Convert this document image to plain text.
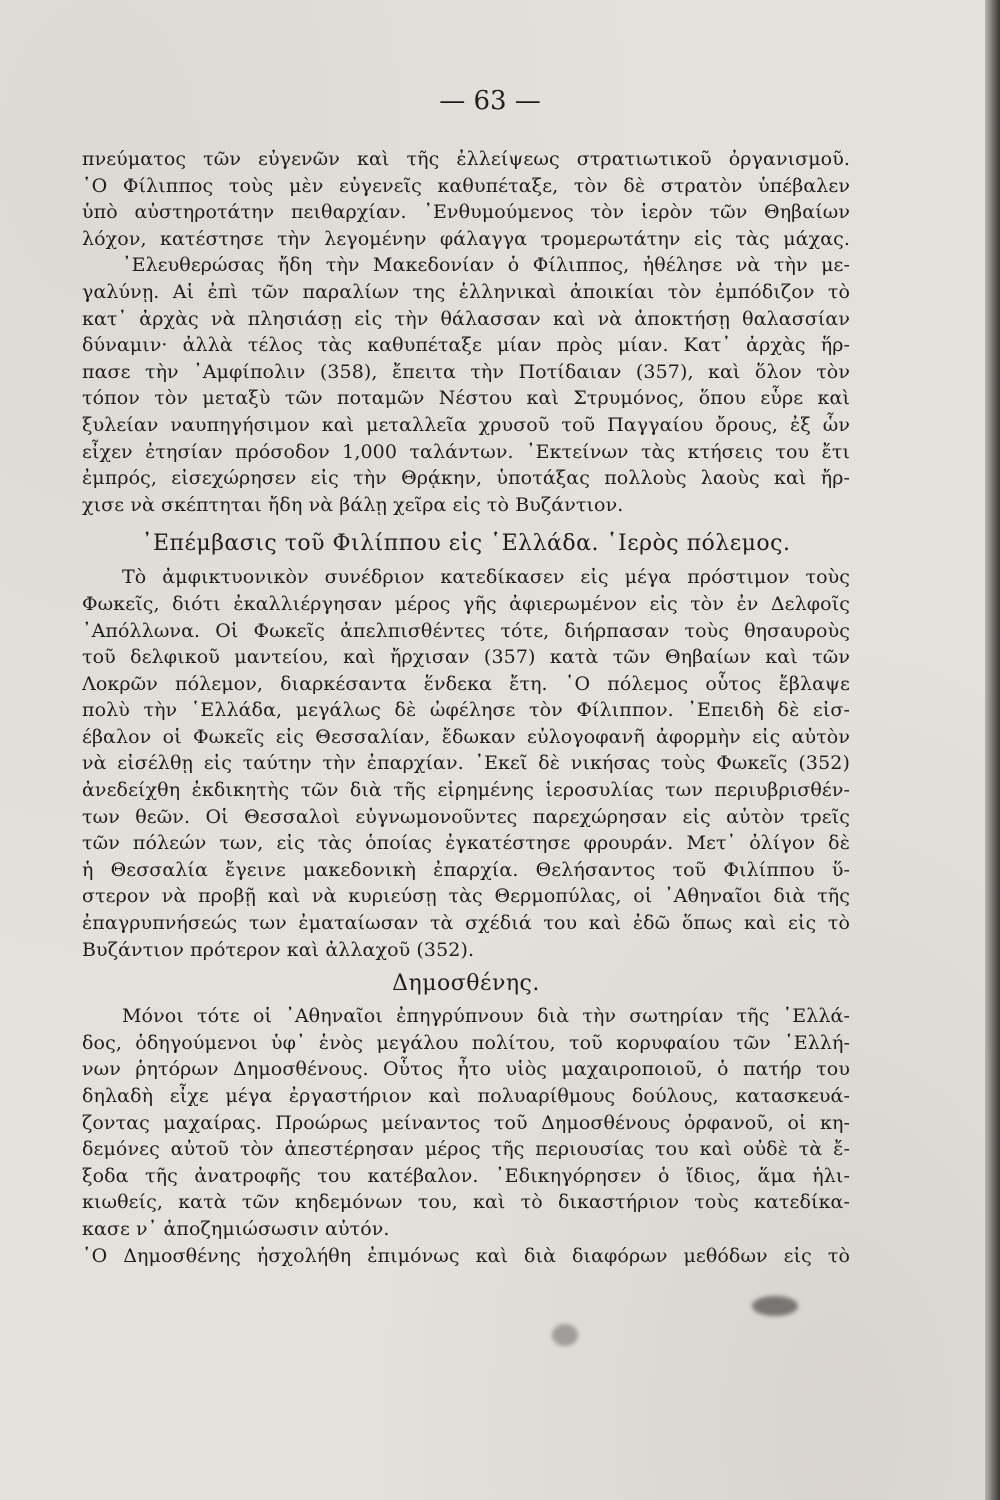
— 63 —
πνεύματος τῶν εὐγενῶν καὶ τῆς ἐλλείψεως στρατιωτικοῦ ὀργανισμοῦ.
῾Ο Φίλιππος τοὺς μὲν εὐγενεῖς καθυπέταξε, τὸν δὲ στρατὸν ὑπέβαλεν
ὑπὸ αὐστηροτάτην πειθαρχίαν. ᾿Ενθυμούμενος τὸν ἱερὸν τῶν Θηβαίων
λόχον, κατέστησε τὴν λεγομένην φάλαγγα τρομερωτάτην εἰς τὰς μάχας.
᾿Ελευθερώσας ἤδη τὴν Μακεδονίαν ὁ Φίλιππος, ἠθέλησε νὰ τὴν με-
γαλύνῃ. Αἱ ἐπὶ τῶν παραλίων της ἑλληνικαὶ ἀποικίαι τὸν ἐμπόδιζον τὸ
κατ᾿ ἀρχὰς νὰ πλησιάσῃ εἰς τὴν θάλασσαν καὶ νὰ ἀποκτήσῃ θαλασσίαν
δύναμιν· ἀλλὰ τέλος τὰς καθυπέταξε μίαν πρὸς μίαν. Κατ᾿ ἀρχὰς ἥρ-
πασε τὴν ᾿Αμφίπολιν (358), ἔπειτα τὴν Ποτίδαιαν (357), καὶ ὅλον τὸν
τόπον τὸν μεταξὺ τῶν ποταμῶν Νέστου καὶ Στρυμόνος, ὅπου εὗρε καὶ
ξυλείαν ναυπηγήσιμον καὶ μεταλλεῖα χρυσοῦ τοῦ Παγγαίου ὄρους, ἐξ ὧν
εἶχεν ἐτησίαν πρόσοδον 1,000 ταλάντων. ᾿Εκτείνων τὰς κτήσεις του ἔτι
ἐμπρός, εἰσεχώρησεν εἰς τὴν Θρᾴκην, ὑποτάξας πολλοὺς λαοὺς καὶ ἤρ-
χισε νὰ σκέπτηται ἤδη νὰ βάλῃ χεῖρα εἰς τὸ Βυζάντιον.
᾿Επέμβασις τοῦ Φιλίππου εἰς ῾Ελλάδα. ῾Ιερὸς πόλεμος.
Τὸ ἀμφικτυονικὸν συνέδριον κατεδίκασεν εἰς μέγα πρόστιμον τοὺς
Φωκεῖς, διότι ἐκαλλιέργησαν μέρος γῆς ἀφιερωμένον εἰς τὸν ἐν Δελφοῖς
᾿Απόλλωνα. Οἱ Φωκεῖς ἀπελπισθέντες τότε, διήρπασαν τοὺς θησαυροὺς
τοῦ δελφικοῦ μαντείου, καὶ ἤρχισαν (357) κατὰ τῶν Θηβαίων καὶ τῶν
Λοκρῶν πόλεμον, διαρκέσαντα ἕνδεκα ἔτη. ῾Ο πόλεμος οὗτος ἔβλαψε
πολὺ τὴν ῾Ελλάδα, μεγάλως δὲ ὠφέλησε τὸν Φίλιππον. ᾿Επειδὴ δὲ εἰσ-
έβαλον οἱ Φωκεῖς εἰς Θεσσαλίαν, ἔδωκαν εὐλογοφανῆ ἀφορμὴν εἰς αὐτὸν
νὰ εἰσέλθῃ εἰς ταύτην τὴν ἐπαρχίαν. ᾿Εκεῖ δὲ νικήσας τοὺς Φωκεῖς (352)
ἀνεδείχθη ἐκδικητὴς τῶν διὰ τῆς εἰρημένης ἱεροσυλίας των περιυβρισθέν-
των θεῶν. Οἱ Θεσσαλοὶ εὐγνωμονοῦντες παρεχώρησαν εἰς αὐτὸν τρεῖς
τῶν πόλεών των, εἰς τὰς ὁποίας ἐγκατέστησε φρουράν. Μετ᾿ ὀλίγον δὲ
ἡ Θεσσαλία ἔγεινε μακεδονικὴ ἐπαρχία. Θελήσαντος τοῦ Φιλίππου ὕ-
στερον νὰ προβῇ καὶ νὰ κυριεύσῃ τὰς Θερμοπύλας, οἱ ᾿Αθηναῖοι διὰ τῆς
ἐπαγρυπνήσεώς των ἐματαίωσαν τὰ σχέδιά του καὶ ἐδῶ ὅπως καὶ εἰς τὸ
Βυζάντιον πρότερον καὶ ἀλλαχοῦ (352).
Δημοσθένης.
Μόνοι τότε οἱ ᾿Αθηναῖοι ἐπηγρύπνουν διὰ τὴν σωτηρίαν τῆς ῾Ελλά-
δος, ὁδηγούμενοι ὑφ᾿ ἑνὸς μεγάλου πολίτου, τοῦ κορυφαίου τῶν ῾Ελλή-
νων ῥητόρων Δημοσθένους. Οὗτος ἦτο υἱὸς μαχαιροποιοῦ, ὁ πατήρ του
δηλαδὴ εἶχε μέγα ἐργαστήριον καὶ πολυαρίθμους δούλους, κατασκευά-
ζοντας μαχαίρας. Προώρως μείναντος τοῦ Δημοσθένους ὀρφανοῦ, οἱ κη-
δεμόνες αὐτοῦ τὸν ἀπεστέρησαν μέρος τῆς περιουσίας του καὶ οὐδὲ τὰ ἔ-
ξοδα τῆς ἀνατροφῆς του κατέβαλον. ᾿Εδικηγόρησεν ὁ ἴδιος, ἅμα ἡλι-
κιωθείς, κατὰ τῶν κηδεμόνων του, καὶ τὸ δικαστήριον τοὺς κατεδίκα-
κασε ν᾿ ἀποζημιώσωσιν αὐτόν.
῾Ο Δημοσθένης ἠσχολήθη ἐπιμόνως καὶ διὰ διαφόρων μεθόδων εἰς τὸ
